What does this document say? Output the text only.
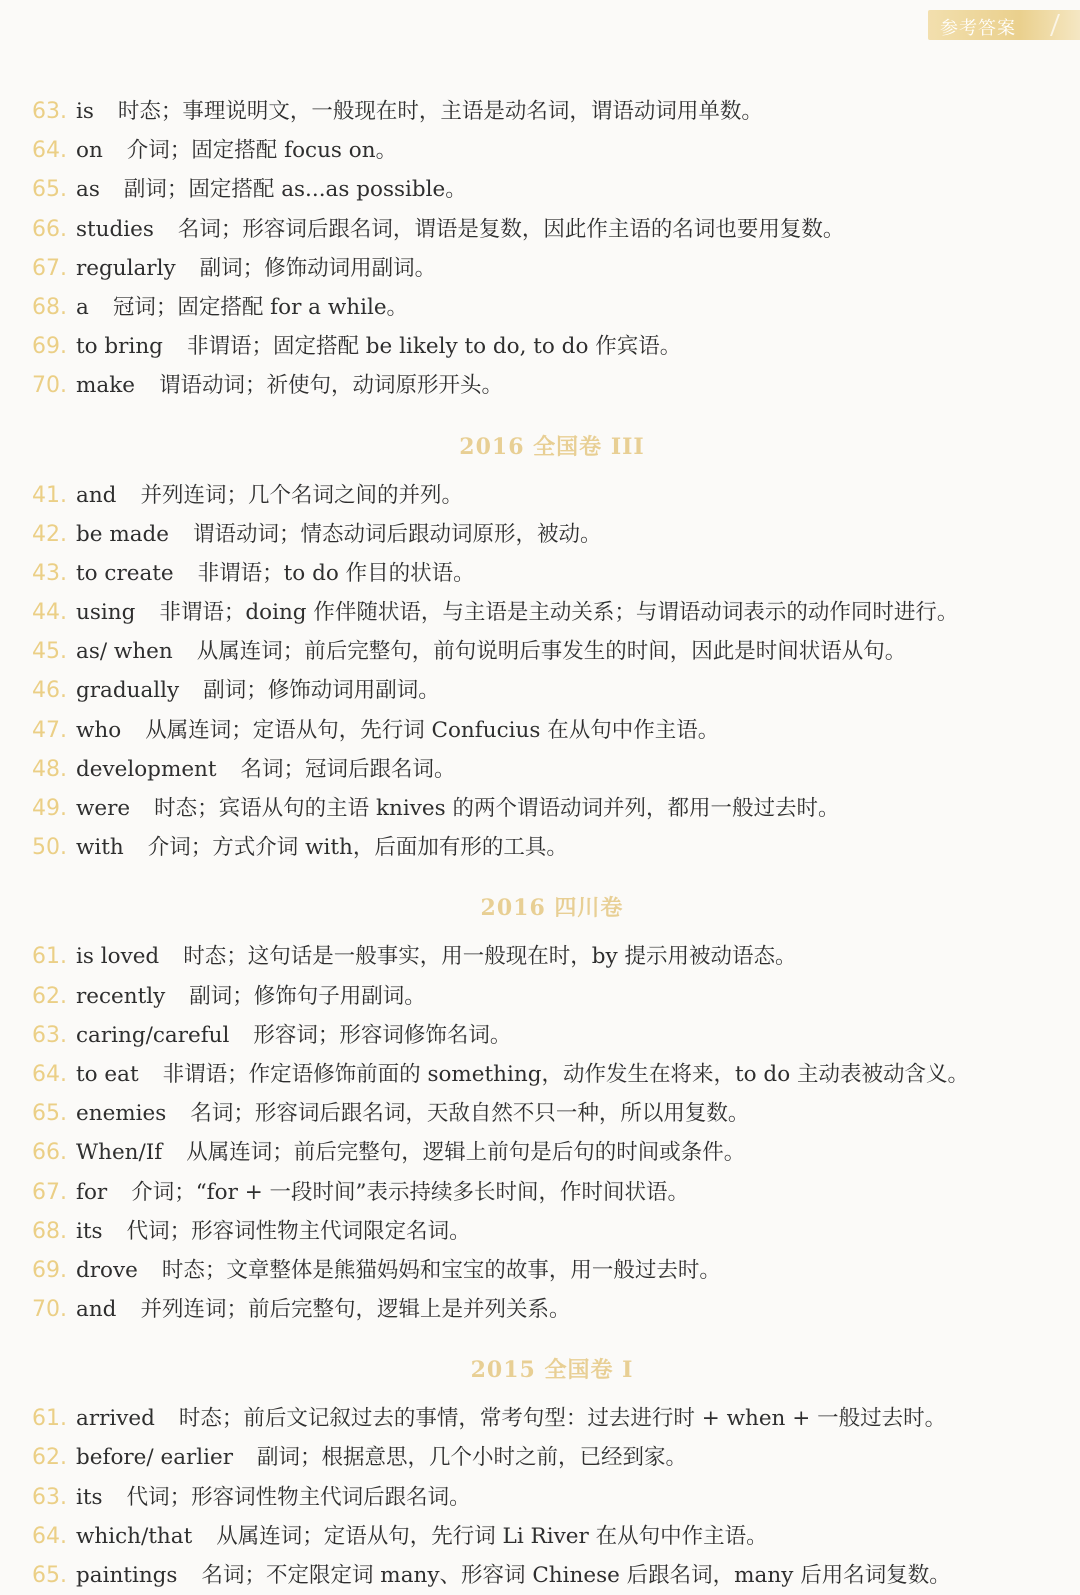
参考答案
63. is 时态；事理说明文，一般现在时，主语是动名词，谓语动词用单数。
64. on 介词；固定搭配 focus on。
65. as 副词；固定搭配 as...as possible。
66. studies 名词；形容词后跟名词，谓语是复数，因此作主语的名词也要用复数。
67. regularly 副词；修饰动词用副词。
68. a 冠词；固定搭配 for a while。
69. to bring 非谓语；固定搭配 be likely to do, to do 作宾语。
70. make 谓语动词；祈使句，动词原形开头。
2016 全国卷 III
41. and 并列连词；几个名词之间的并列。
42. be made 谓语动词；情态动词后跟动词原形，被动。
43. to create 非谓语；to do 作目的状语。
44. using 非谓语；doing 作伴随状语，与主语是主动关系；与谓语动词表示的动作同时进行。
45. as/ when 从属连词；前后完整句，前句说明后事发生的时间，因此是时间状语从句。
46. gradually 副词；修饰动词用副词。
47. who 从属连词；定语从句，先行词 Confucius 在从句中作主语。
48. development 名词；冠词后跟名词。
49. were 时态；宾语从句的主语 knives 的两个谓语动词并列，都用一般过去时。
50. with 介词；方式介词 with，后面加有形的工具。
2016 四川卷
61. is loved 时态；这句话是一般事实，用一般现在时，by 提示用被动语态。
62. recently 副词；修饰句子用副词。
63. caring/careful 形容词；形容词修饰名词。
64. to eat 非谓语；作定语修饰前面的 something，动作发生在将来，to do 主动表被动含义。
65. enemies 名词；形容词后跟名词，天敌自然不只一种，所以用复数。
66. When/If 从属连词；前后完整句，逻辑上前句是后句的时间或条件。
67. for 介词；“for + 一段时间”表示持续多长时间，作时间状语。
68. its 代词；形容词性物主代词限定名词。
69. drove 时态；文章整体是熊猫妈妈和宝宝的故事，用一般过去时。
70. and 并列连词；前后完整句，逻辑上是并列关系。
2015 全国卷 I
61. arrived 时态；前后文记叙过去的事情，常考句型：过去进行时 + when + 一般过去时。
62. before/ earlier 副词；根据意思，几个小时之前，已经到家。
63. its 代词；形容词性物主代词后跟名词。
64. which/that 从属连词；定语从句，先行词 Li River 在从句中作主语。
65. paintings 名词；不定限定词 many、形容词 Chinese 后跟名词，many 后用名词复数。
